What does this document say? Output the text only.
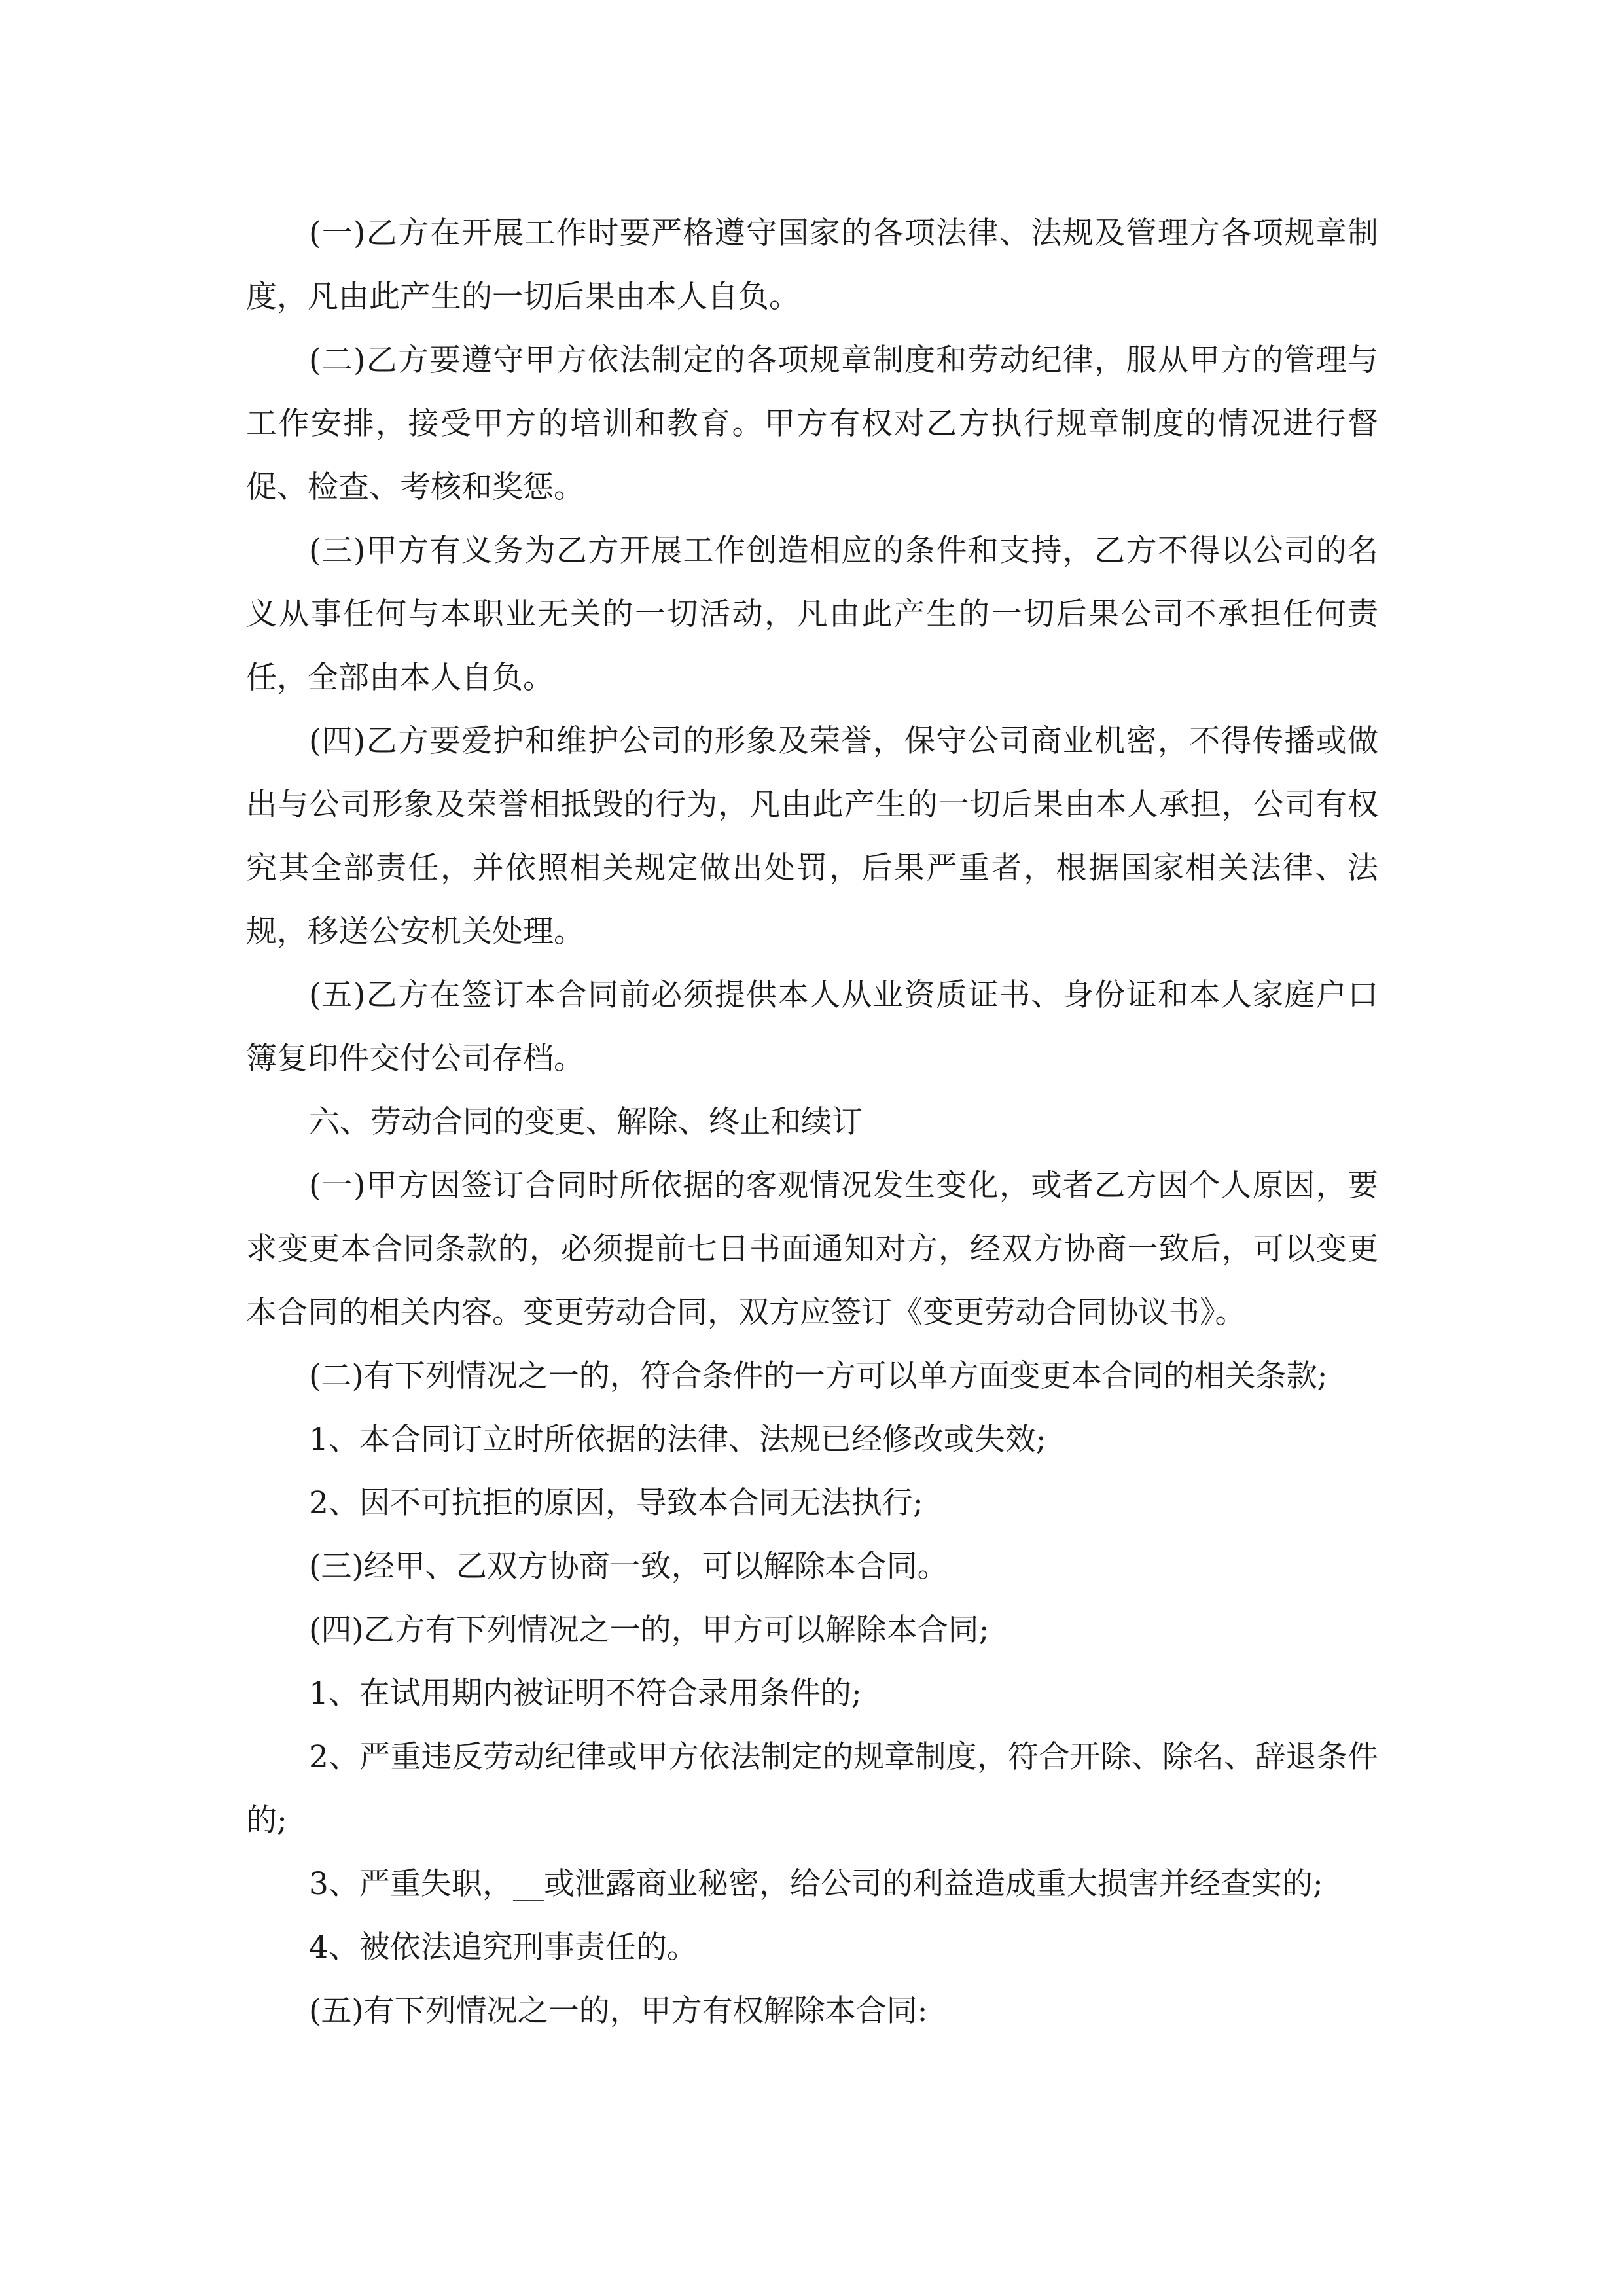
(一)乙方在开展工作时要严格遵守国家的各项法律、法规及管理方各项规章制度，凡由此产生的一切后果由本人自负。

(二)乙方要遵守甲方依法制定的各项规章制度和劳动纪律，服从甲方的管理与工作安排，接受甲方的培训和教育。甲方有权对乙方执行规章制度的情况进行督促、检查、考核和奖惩。

(三)甲方有义务为乙方开展工作创造相应的条件和支持，乙方不得以公司的名义从事任何与本职业无关的一切活动，凡由此产生的一切后果公司不承担任何责任，全部由本人自负。

(四)乙方要爱护和维护公司的形象及荣誉，保守公司商业机密，不得传播或做出与公司形象及荣誉相抵毁的行为，凡由此产生的一切后果由本人承担，公司有权究其全部责任，并依照相关规定做出处罚，后果严重者，根据国家相关法律、法规，移送公安机关处理。

(五)乙方在签订本合同前必须提供本人从业资质证书、身份证和本人家庭户口簿复印件交付公司存档。

六、劳动合同的变更、解除、终止和续订

(一)甲方因签订合同时所依据的客观情况发生变化，或者乙方因个人原因，要求变更本合同条款的，必须提前七日书面通知对方，经双方协商一致后，可以变更本合同的相关内容。变更劳动合同，双方应签订《变更劳动合同协议书》。

(二)有下列情况之一的，符合条件的一方可以单方面变更本合同的相关条款;

1、本合同订立时所依据的法律、法规已经修改或失效;

2、因不可抗拒的原因，导致本合同无法执行;

(三)经甲、乙双方协商一致，可以解除本合同。

(四)乙方有下列情况之一的，甲方可以解除本合同;

1、在试用期内被证明不符合录用条件的;

2、严重违反劳动纪律或甲方依法制定的规章制度，符合开除、除名、辞退条件的;

3、严重失职，__或泄露商业秘密，给公司的利益造成重大损害并经查实的;

4、被依法追究刑事责任的。

(五)有下列情况之一的，甲方有权解除本合同:
